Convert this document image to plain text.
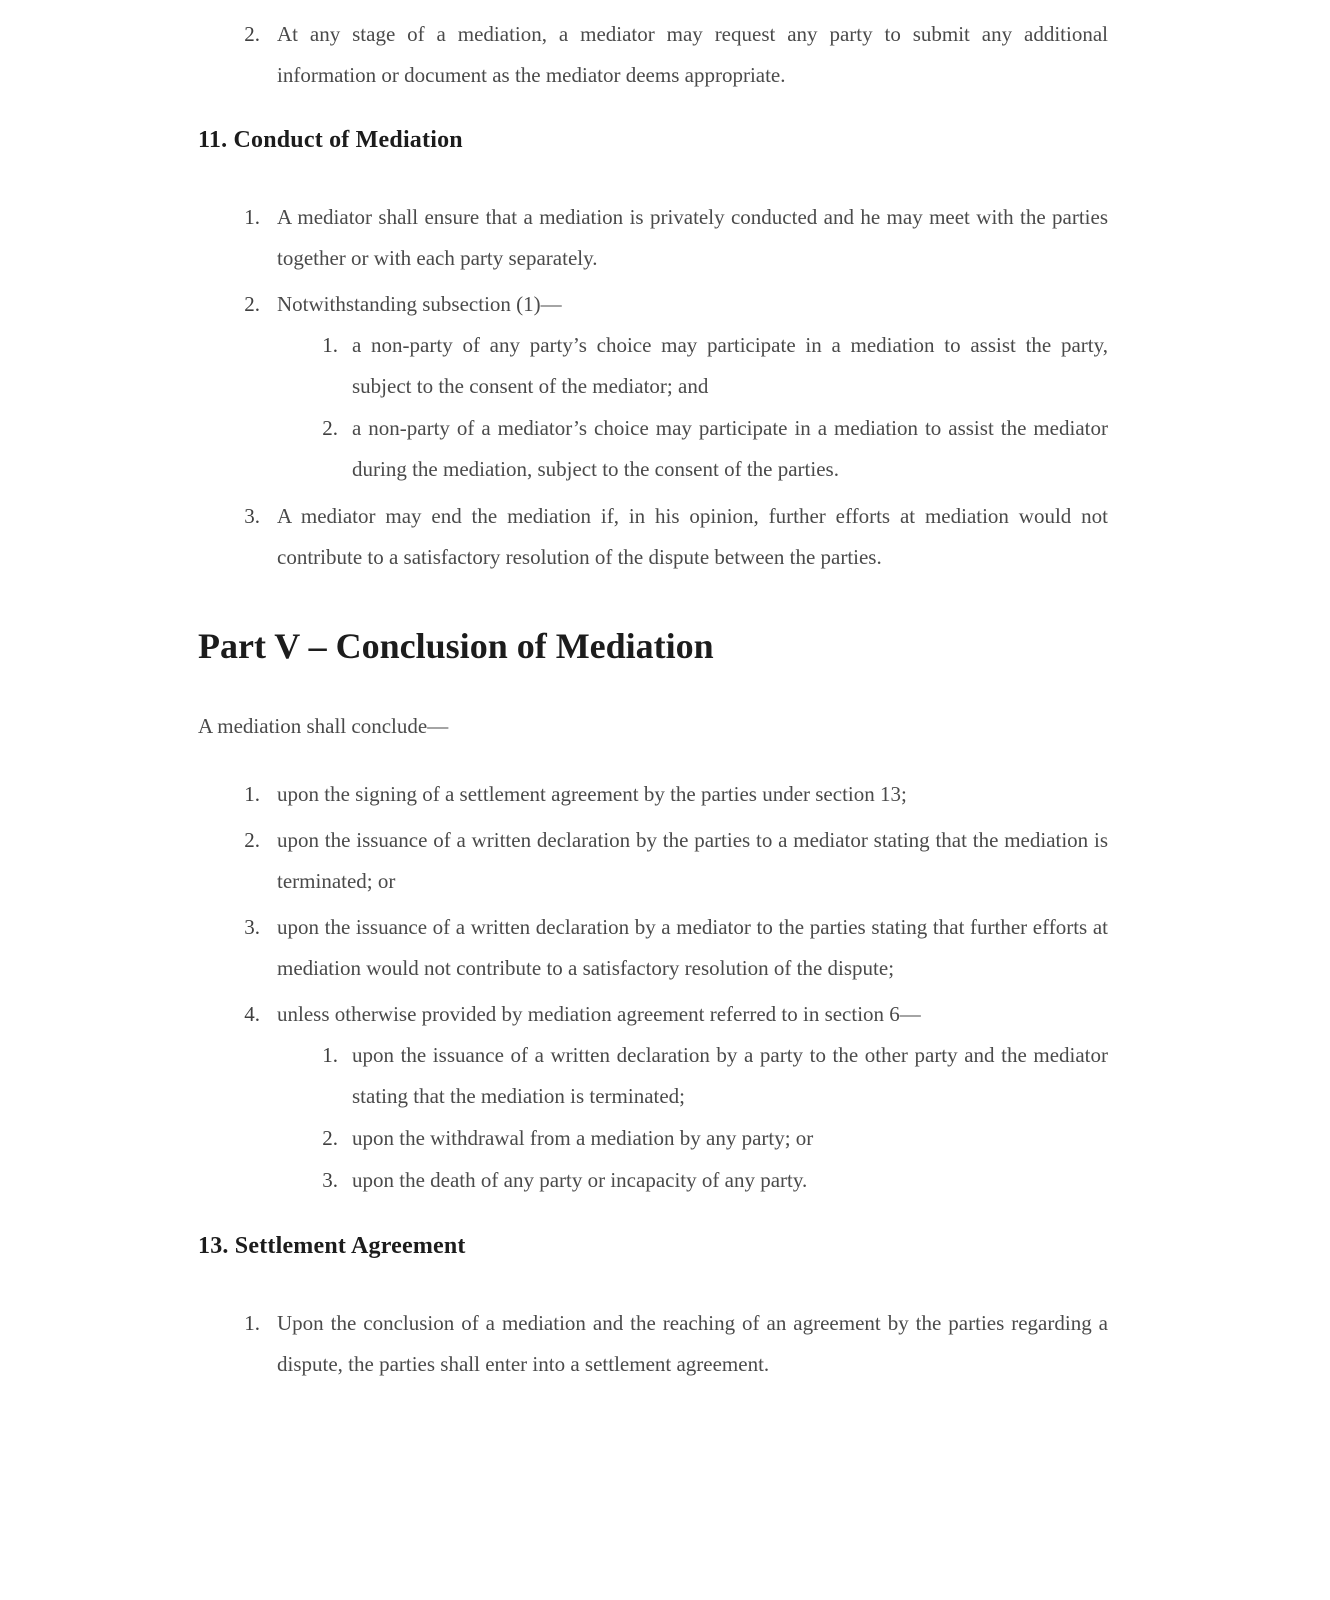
2. At any stage of a mediation, a mediator may request any party to submit any additional information or document as the mediator deems appropriate.
11. Conduct of Mediation
1. A mediator shall ensure that a mediation is privately conducted and he may meet with the parties together or with each party separately.
2. Notwithstanding subsection (1)—
1. a non-party of any party’s choice may participate in a mediation to assist the party, subject to the consent of the mediator; and
2. a non-party of a mediator’s choice may participate in a mediation to assist the mediator during the mediation, subject to the consent of the parties.
3. A mediator may end the mediation if, in his opinion, further efforts at mediation would not contribute to a satisfactory resolution of the dispute between the parties.
Part V – Conclusion of Mediation

A mediation shall conclude—

1. upon the signing of a settlement agreement by the parties under section 13;
2. upon the issuance of a written declaration by the parties to a mediator stating that the mediation is terminated; or
3. upon the issuance of a written declaration by a mediator to the parties stating that further efforts at mediation would not contribute to a satisfactory resolution of the dispute;
4. unless otherwise provided by mediation agreement referred to in section 6—
1. upon the issuance of a written declaration by a party to the other party and the mediator stating that the mediation is terminated;
2. upon the withdrawal from a mediation by any party; or
3. upon the death of any party or incapacity of any party.
13. Settlement Agreement
1. Upon the conclusion of a mediation and the reaching of an agreement by the parties regarding a dispute, the parties shall enter into a settlement agreement.
